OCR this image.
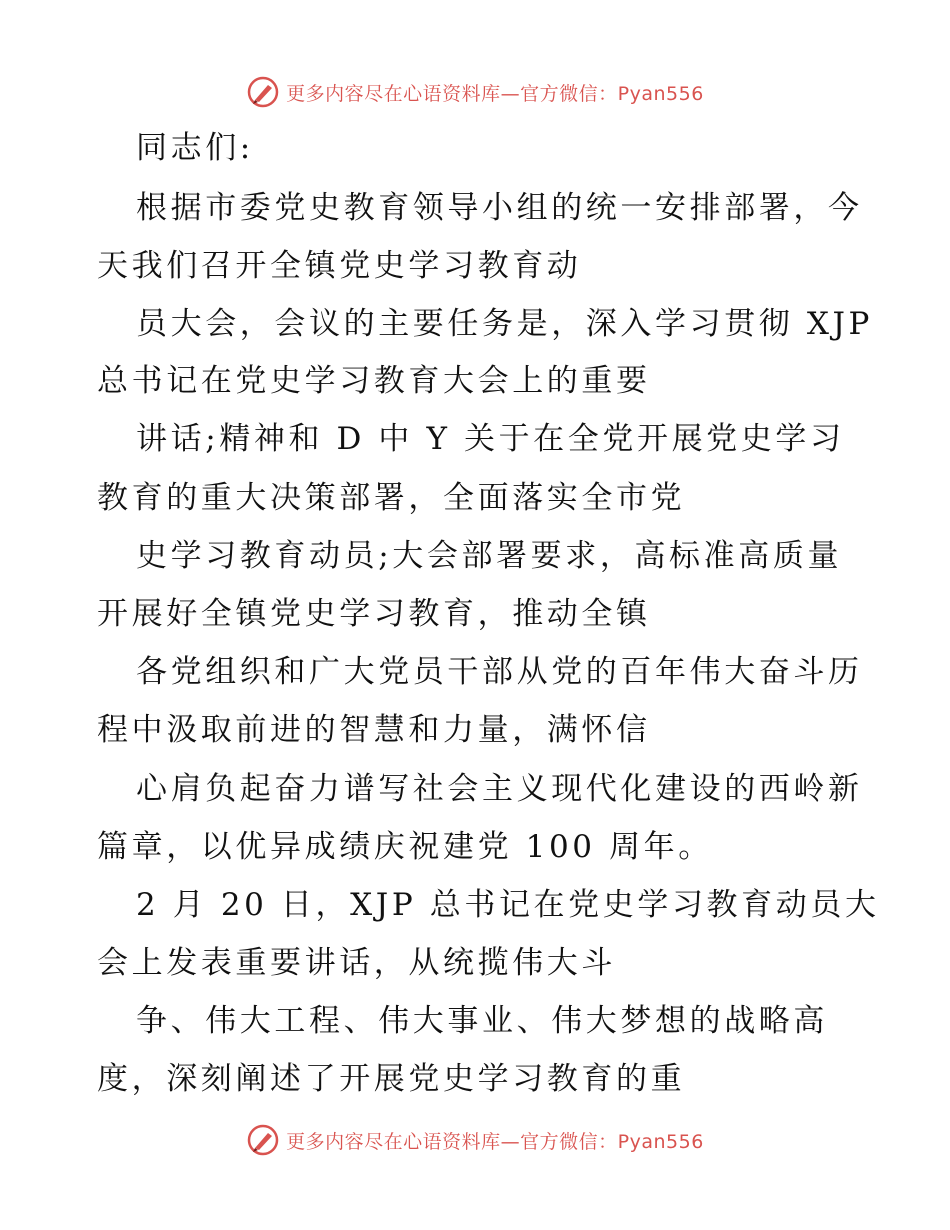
更多内容尽在心语资料库—官方微信：Pyan556
同志们:
根据市委党史教育领导小组的统一安排部署，今
天我们召开全镇党史学习教育动
员大会，会议的主要任务是，深入学习贯彻 XJP
总书记在党史学习教育大会上的重要
讲话;精神和 D 中 Y 关于在全党开展党史学习
教育的重大决策部署，全面落实全市党
史学习教育动员;大会部署要求，高标准高质量
开展好全镇党史学习教育，推动全镇
各党组织和广大党员干部从党的百年伟大奋斗历
程中汲取前进的智慧和力量，满怀信
心肩负起奋力谱写社会主义现代化建设的西岭新
篇章，以优异成绩庆祝建党 100 周年。
2 月 20 日，XJP 总书记在党史学习教育动员大
会上发表重要讲话，从统揽伟大斗
争、伟大工程、伟大事业、伟大梦想的战略高
度，深刻阐述了开展党史学习教育的重
更多内容尽在心语资料库—官方微信：Pyan556
